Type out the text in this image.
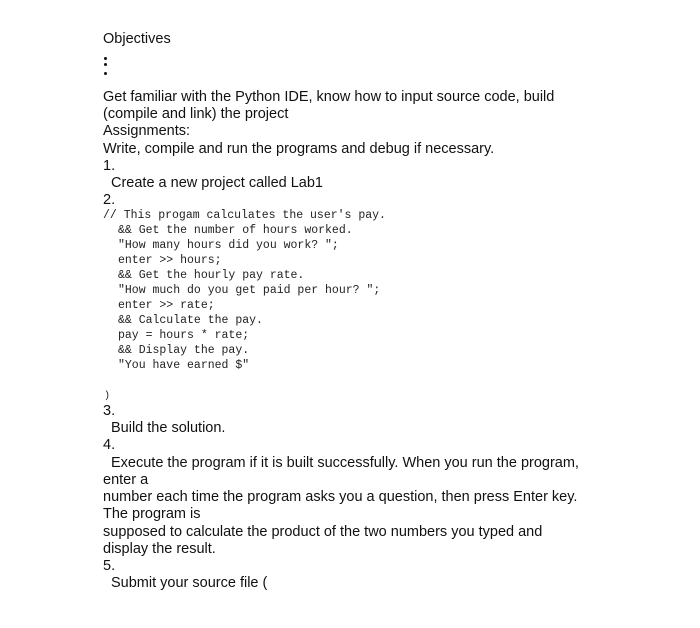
Objectives
Get familiar with the Python IDE, know how to input source code, build
(compile and link) the project
Assignments:
Write, compile and run the programs and debug if necessary.
1.
Create a new project called Lab1
2.
// This progam calculates the user's pay.
&& Get the number of hours worked.
"How many hours did you work? ";
enter >> hours;
&& Get the hourly pay rate.
"How much do you get paid per hour? ";
enter >> rate;
&& Calculate the pay.
pay = hours * rate;
&& Display the pay.
"You have earned $"
)
3.
Build the solution.
4.
Execute the program if it is built successfully. When you run the program,
enter a
number each time the program asks you a question, then press Enter key.
The program is
supposed to calculate the product of the two numbers you typed and
display the result.
5.
Submit your source file (
